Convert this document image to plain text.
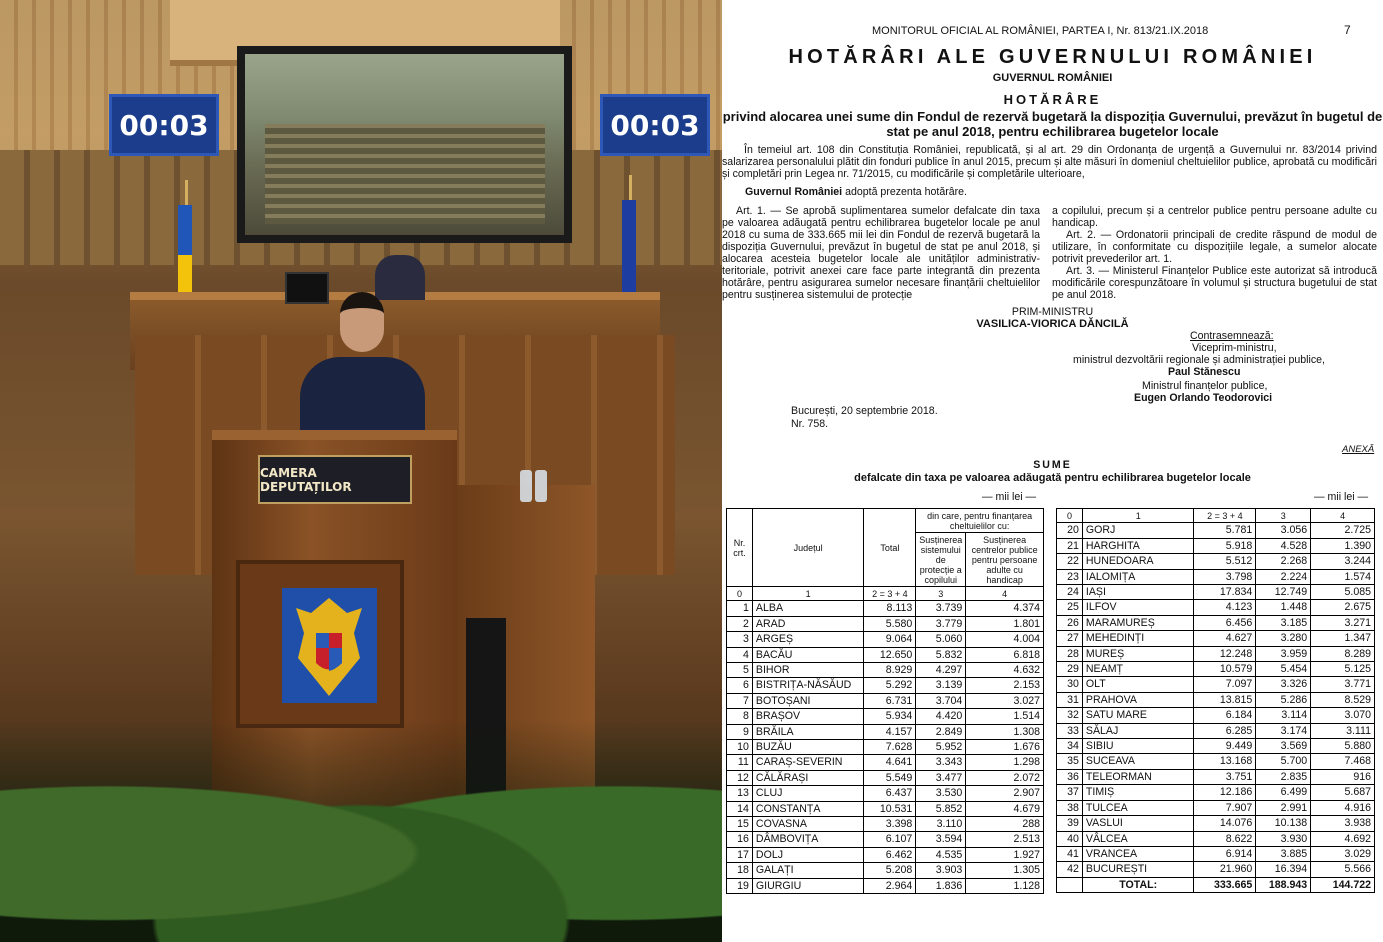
00:03	00:03
CAMERA DEPUTAȚILOR
MONITORUL OFICIAL AL ROMÂNIEI, PARTEA I, Nr. 813/21.IX.2018	7
HOTĂRÂRI ALE GUVERNULUI ROMÂNIEI
GUVERNUL ROMÂNIEI
HOTĂRÂRE
privind alocarea unei sume din Fondul de rezervă bugetară la dispoziția Guvernului, prevăzut în bugetul de stat pe anul 2018, pentru echilibrarea bugetelor locale
În temeiul art. 108 din Constituția României, republicată, și al art. 29 din Ordonanța de urgență a Guvernului nr. 83/2014 privind salarizarea personalului plătit din fonduri publice în anul 2015, precum și alte măsuri în domeniul cheltuielilor publice, aprobată cu modificări și completări prin Legea nr. 71/2015, cu modificările și completările ulterioare,
Guvernul României adoptă prezenta hotărâre.
Art. 1. — Se aprobă suplimentarea sumelor defalcate din taxa pe valoarea adăugată pentru echilibrarea bugetelor locale pe anul 2018 cu suma de 333.665 mii lei din Fondul de rezervă bugetară la dispoziția Guvernului, prevăzut în bugetul de stat pe anul 2018, și alocarea acesteia bugetelor locale ale unităților administrativ-teritoriale, potrivit anexei care face parte integrantă din prezenta hotărâre, pentru asigurarea sumelor necesare finanțării cheltuielilor pentru susținerea sistemului de protecție

a copilului, precum și a centrelor publice pentru persoane adulte cu handicap.

Art. 2. — Ordonatorii principali de credite răspund de modul de utilizare, în conformitate cu dispozițiile legale, a sumelor alocate potrivit prevederilor art. 1.

Art. 3. — Ministerul Finanțelor Publice este autorizat să introducă modificările corespunzătoare în volumul și structura bugetului de stat pe anul 2018.

PRIM-MINISTRU
VASILICA-VIORICA DĂNCILĂ
Contrasemnează:
Viceprim-ministru,
ministrul dezvoltării regionale și administrației publice,
Paul Stănescu
Ministrul finanțelor publice,
Eugen Orlando Teodorovici
București, 20 septembrie 2018.
Nr. 758.
ANEXĂ
SUME
defalcate din taxa pe valoarea adăugată pentru echilibrarea bugetelor locale
— mii lei —	— mii lei —
Nr. crt.	Județul	Total	din care, pentru finanțarea cheltuielilor cu:	
			Susținerea sistemului de protecție a copilului	Susținerea centrelor publice pentru persoane adulte cu handicap
0	1	2 = 3 + 4	3	4
1	ALBA	8.113	3.739	4.374
2	ARAD	5.580	3.779	1.801
3	ARGEȘ	9.064	5.060	4.004
4	BACĂU	12.650	5.832	6.818
5	BIHOR	8.929	4.297	4.632
6	BISTRIȚA-NĂSĂUD	5.292	3.139	2.153
7	BOTOȘANI	6.731	3.704	3.027
8	BRAȘOV	5.934	4.420	1.514
9	BRĂILA	4.157	2.849	1.308
10	BUZĂU	7.628	5.952	1.676
11	CARAȘ-SEVERIN	4.641	3.343	1.298
12	CĂLĂRAȘI	5.549	3.477	2.072
13	CLUJ	6.437	3.530	2.907
14	CONSTANȚA	10.531	5.852	4.679
15	COVASNA	3.398	3.110	288
16	DÂMBOVIȚA	6.107	3.594	2.513
17	DOLJ	6.462	4.535	1.927
18	GALAȚI	5.208	3.903	1.305
19	GIURGIU	2.964	1.836	1.128
0	1	2 = 3 + 4	3	4
20	GORJ	5.781	3.056	2.725
21	HARGHITA	5.918	4.528	1.390
22	HUNEDOARA	5.512	2.268	3.244
23	IALOMIȚA	3.798	2.224	1.574
24	IAȘI	17.834	12.749	5.085
25	ILFOV	4.123	1.448	2.675
26	MARAMUREȘ	6.456	3.185	3.271
27	MEHEDINȚI	4.627	3.280	1.347
28	MUREȘ	12.248	3.959	8.289
29	NEAMȚ	10.579	5.454	5.125
30	OLT	7.097	3.326	3.771
31	PRAHOVA	13.815	5.286	8.529
32	SATU MARE	6.184	3.114	3.070
33	SĂLAJ	6.285	3.174	3.111
34	SIBIU	9.449	3.569	5.880
35	SUCEAVA	13.168	5.700	7.468
36	TELEORMAN	3.751	2.835	916
37	TIMIȘ	12.186	6.499	5.687
38	TULCEA	7.907	2.991	4.916
39	VASLUI	14.076	10.138	3.938
40	VÂLCEA	8.622	3.930	4.692
41	VRANCEA	6.914	3.885	3.029
42	BUCUREȘTI	21.960	16.394	5.566
	TOTAL:	333.665	188.943	144.722
